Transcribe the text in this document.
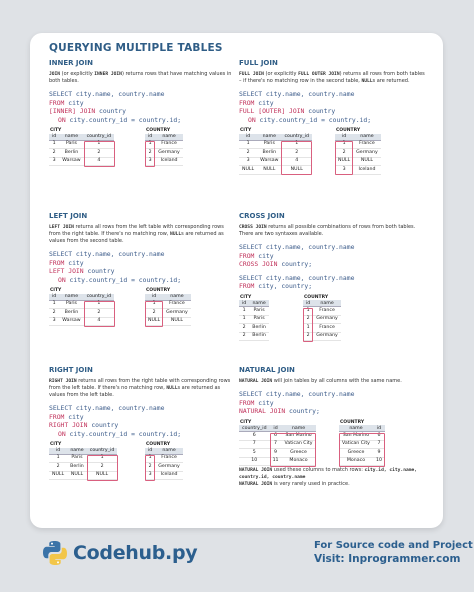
QUERYING MULTIPLE TABLES
INNER JOIN
JOIN (or explicitly INNER JOIN) returns rows that have matching values in both tables.
SELECT city.name, country.name
FROM city
[INNER] JOIN country
ON city.country_id = country.id;
CITY		
id	name	country_id
1	Paris	1
2	Berlin	2
3	Warsaw	4
COUNTRY	
id	name
1	France
2	Germany
3	Iceland
FULL JOIN
FULL JOIN (or explicitly FULL OUTER JOIN) returns all rows from both tables – if there's no matching row in the second table, NULLs are returned.
SELECT city.name, country.name
FROM city
FULL [OUTER] JOIN country
ON city.country_id = country.id;
CITY		
id	name	country_id
1	Paris	1
2	Berlin	2
3	Warsaw	4
NULL	NULL	NULL
COUNTRY	
id	name
1	France
2	Germany
NULL	NULL
3	Iceland
LEFT JOIN
LEFT JOIN returns all rows from the left table with corresponding rows from the right table. If there's no matching row, NULLs are returned as values from the second table.
SELECT city.name, country.name
FROM city
LEFT JOIN country
ON city.country_id = country.id;
CITY		
id	name	country_id
1	Paris	1
2	Berlin	2
3	Warsaw	4
COUNTRY	
id	name
1	France
2	Germany
NULL	NULL
CROSS JOIN
CROSS JOIN returns all possible combinations of rows from both tables. There are two syntaxes available.
SELECT city.name, country.name
FROM city
CROSS JOIN country;

SELECT city.name, country.name
FROM city, country;
CITY	
id	name
1	Paris
1	Paris
2	Berlin
2	Berlin
COUNTRY	
id	name
1	France
2	Germany
1	France
2	Germany
RIGHT JOIN
RIGHT JOIN returns all rows from the right table with corresponding rows from the left table. If there's no matching row, NULLs are returned as values from the left table.
SELECT city.name, country.name
FROM city
RIGHT JOIN country
ON city.country_id = country.id;
CITY		
id	name	country_id
1	Paris	1
2	Berlin	2
NULL	NULL	NULL
COUNTRY	
id	name
1	France
2	Germany
3	Iceland
NATURAL JOIN
NATURAL JOIN will join tables by all columns with the same name.
SELECT city.name, country.name
FROM city
NATURAL JOIN country;
CITY		
country_id	id	name
6	6	San Marino
7	7	Vatican City
5	9	Greece
10	11	Monaco
COUNTRY	
name	id
San Marino	6
Vatican City	7
Greece	9
Monaco	10
NATURAL JOIN used these columns to match rows: city.id, city.name, country.id, country.name
NATURAL JOIN is very rarely used in practice.
Codehub.py	For Source code and Project
Visit: Inprogrammer.com
